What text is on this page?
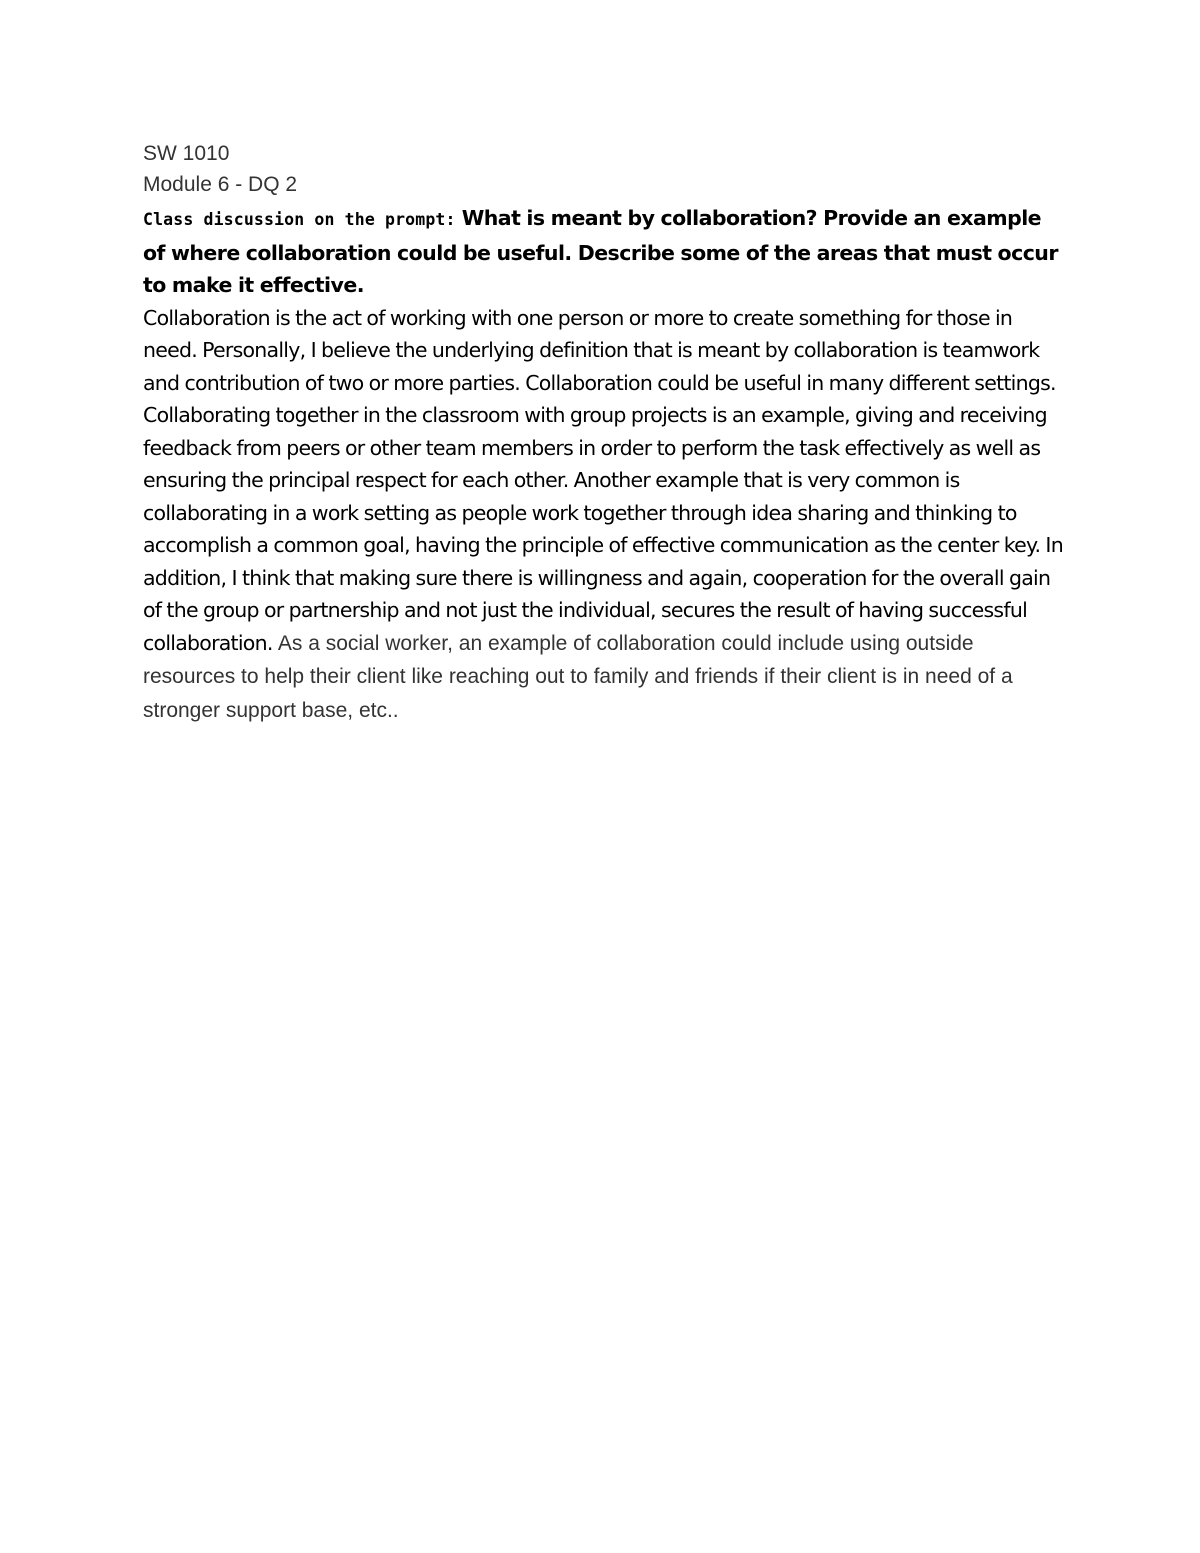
SW 1010

Module 6 - DQ 2

Class discussion on the prompt: What is meant by collaboration? Provide an example of where collaboration could be useful. Describe some of the areas that must occur to make it effective.

Collaboration is the act of working with one person or more to create something for those in need. Personally, I believe the underlying definition that is meant by collaboration is teamwork and contribution of two or more parties. Collaboration could be useful in many different settings. Collaborating together in the classroom with group projects is an example, giving and receiving feedback from peers or other team members in order to perform the task effectively as well as ensuring the principal respect for each other. Another example that is very common is collaborating in a work setting as people work together through idea sharing and thinking to accomplish a common goal, having the principle of effective communication as the center key. In addition, I think that making sure there is willingness and again, cooperation for the overall gain of the group or partnership and not just the individual, secures the result of having successful collaboration. As a social worker, an example of collaboration could include using outside resources to help their client like reaching out to family and friends if their client is in need of a stronger support base, etc..
